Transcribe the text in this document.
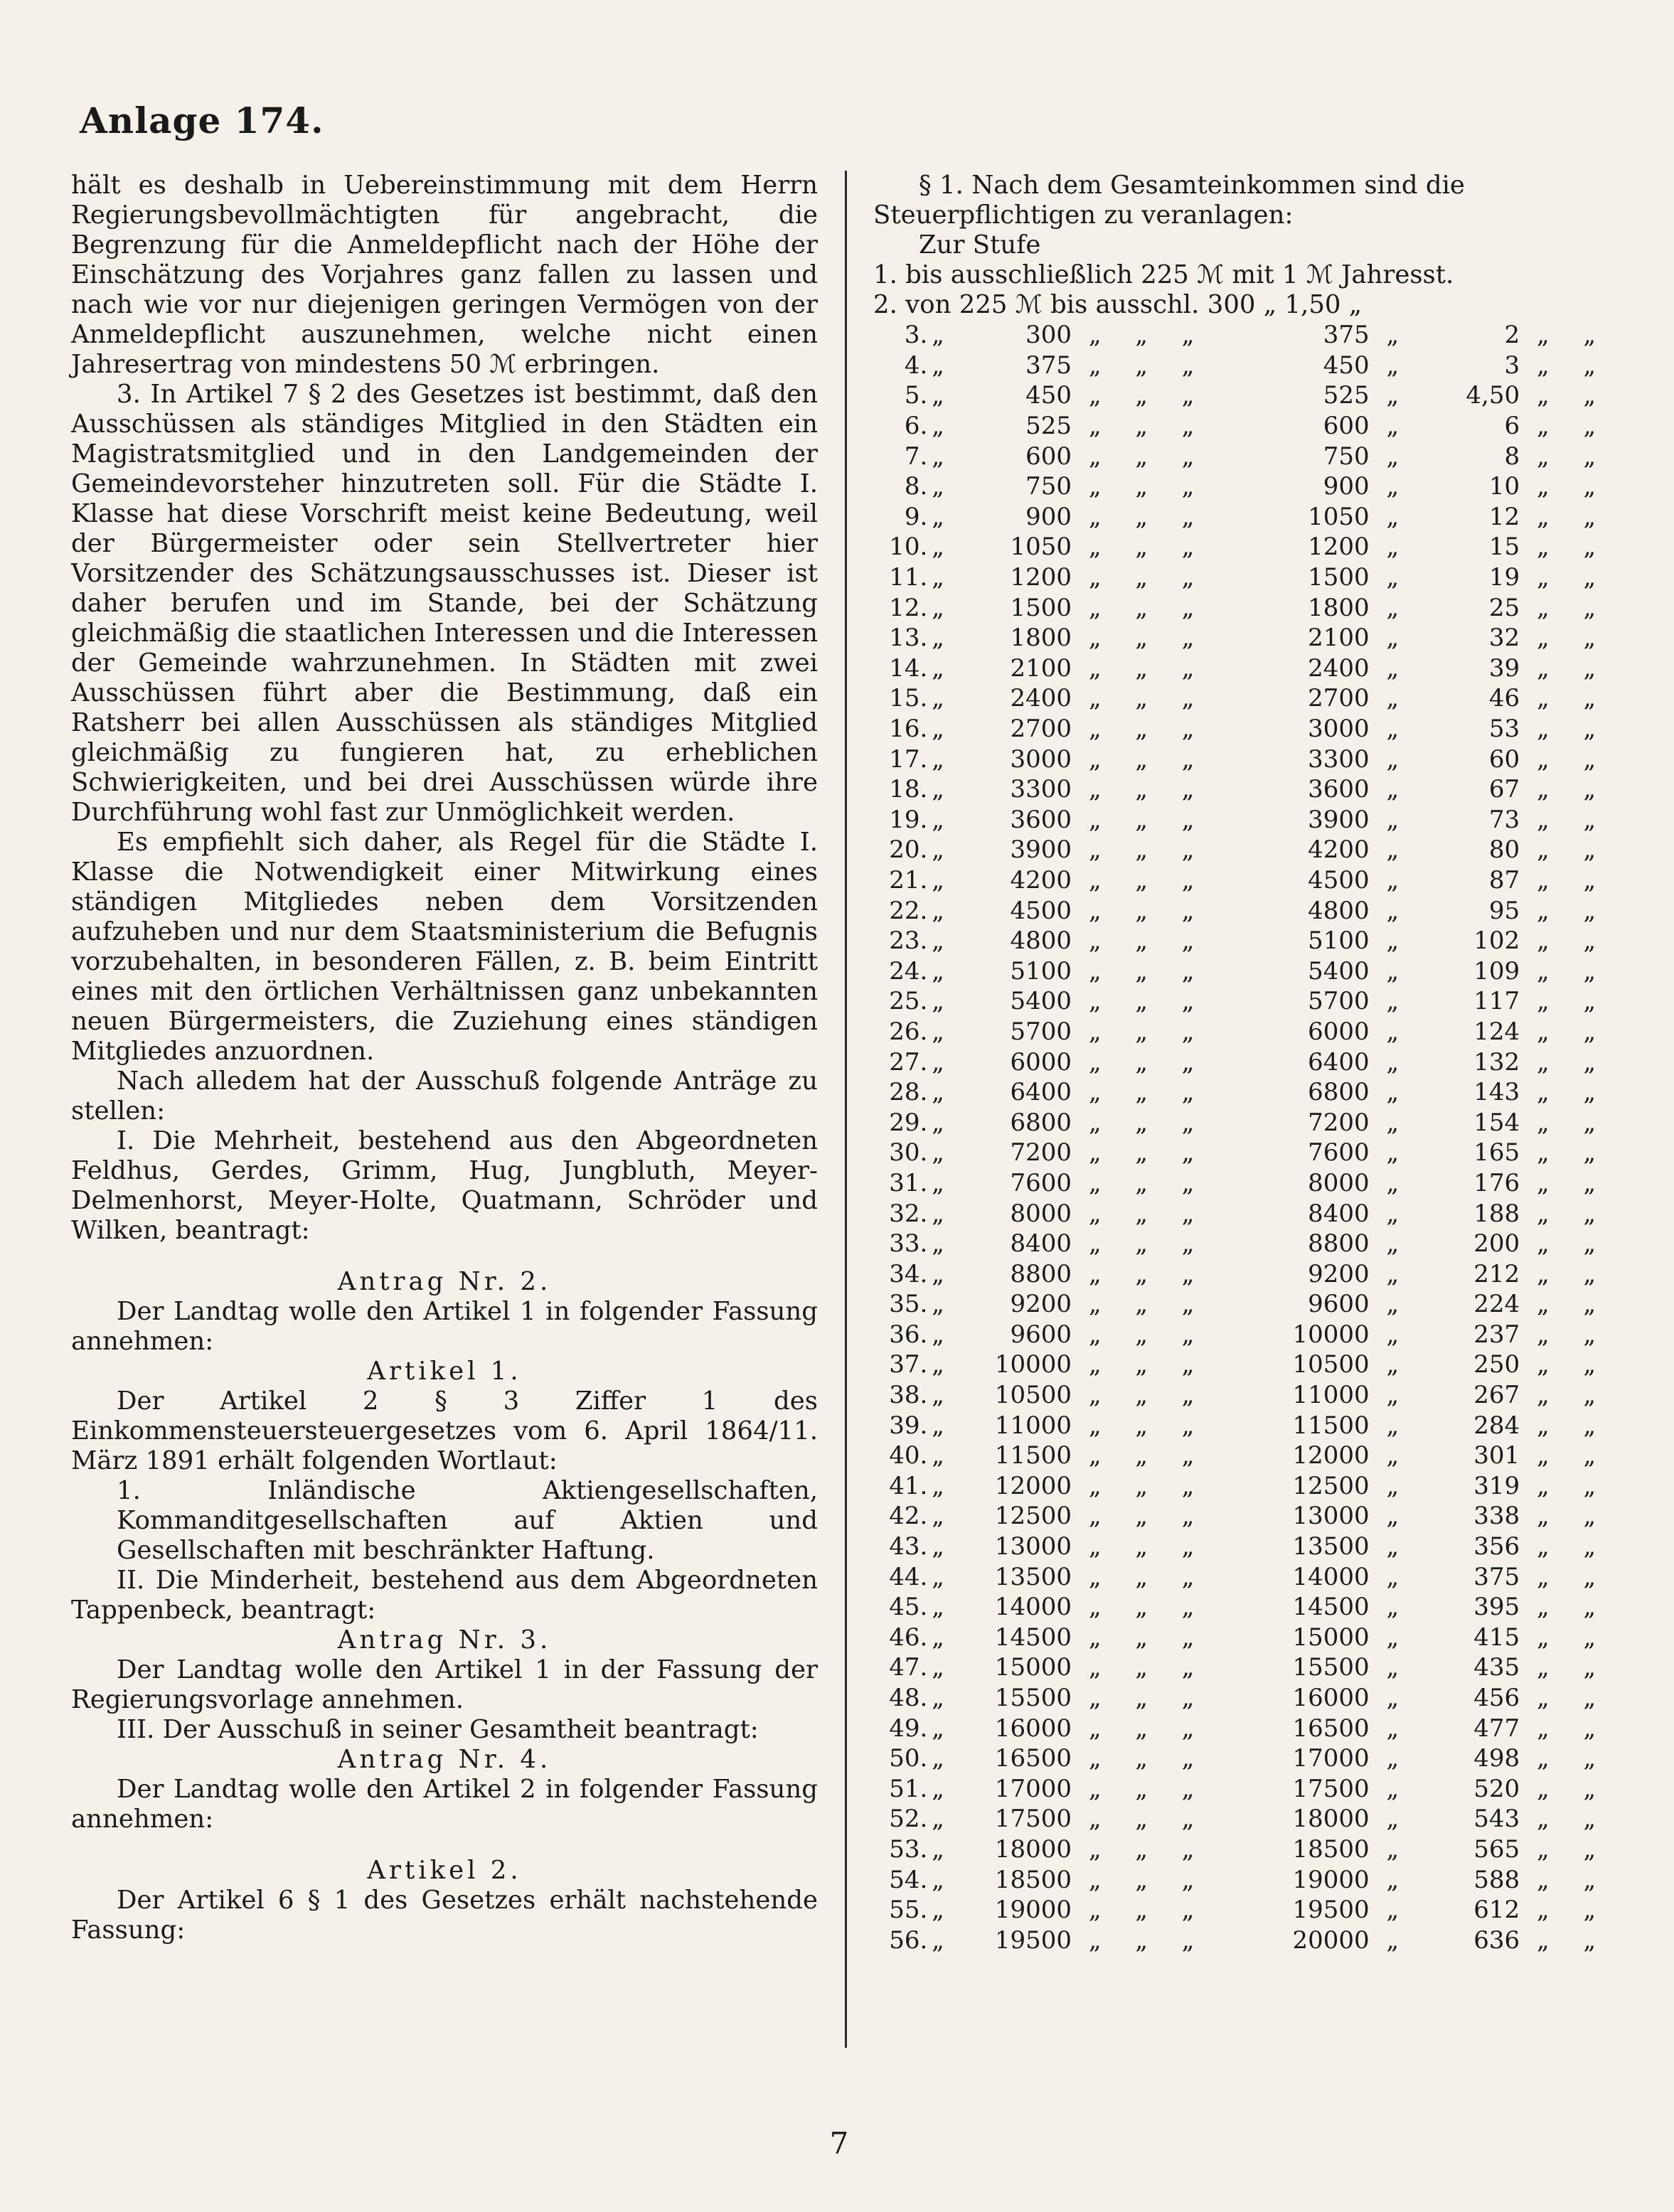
Anlage 174.

hält es deshalb in Uebereinstimmung mit dem Herrn Regierungsbevollmächtigten für angebracht, die Begrenzung für die Anmeldepflicht nach der Höhe der Einschätzung des Vorjahres ganz fallen zu lassen und nach wie vor nur diejenigen geringen Vermögen von der Anmeldepflicht auszunehmen, welche nicht einen Jahresertrag von mindestens 50 ℳ erbringen.

3. In Artikel 7 § 2 des Gesetzes ist bestimmt, daß den Ausschüssen als ständiges Mitglied in den Städten ein Magistratsmitglied und in den Landgemeinden der Gemeindevorsteher hinzutreten soll. Für die Städte I. Klasse hat diese Vorschrift meist keine Bedeutung, weil der Bürgermeister oder sein Stellvertreter hier Vorsitzender des Schätzungsausschusses ist. Dieser ist daher berufen und im Stande, bei der Schätzung gleichmäßig die staatlichen Interessen und die Interessen der Gemeinde wahrzunehmen. In Städten mit zwei Ausschüssen führt aber die Bestimmung, daß ein Ratsherr bei allen Ausschüssen als ständiges Mitglied gleichmäßig zu fungieren hat, zu erheblichen Schwierigkeiten, und bei drei Ausschüssen würde ihre Durchführung wohl fast zur Unmöglichkeit werden.

Es empfiehlt sich daher, als Regel für die Städte I. Klasse die Notwendigkeit einer Mitwirkung eines ständigen Mitgliedes neben dem Vorsitzenden aufzuheben und nur dem Staatsministerium die Befugnis vorzubehalten, in besonderen Fällen, z. B. beim Eintritt eines mit den örtlichen Verhältnissen ganz unbekannten neuen Bürgermeisters, die Zuziehung eines ständigen Mitgliedes anzuordnen.

Nach alledem hat der Ausschuß folgende Anträge zu stellen:

I. Die Mehrheit, bestehend aus den Abgeordneten Feldhus, Gerdes, Grimm, Hug, Jungbluth, Meyer-Delmenhorst, Meyer-Holte, Quatmann, Schröder und Wilken, beantragt:

Antrag Nr. 2.

Der Landtag wolle den Artikel 1 in folgender Fassung annehmen:

Artikel 1.

Der Artikel 2 § 3 Ziffer 1 des Einkommensteuersteuergesetzes vom 6. April 1864/11. März 1891 erhält folgenden Wortlaut:

1. Inländische Aktiengesellschaften, Kommanditgesellschaften auf Aktien und Gesellschaften mit beschränkter Haftung.

II. Die Minderheit, bestehend aus dem Abgeordneten Tappenbeck, beantragt:

Antrag Nr. 3.

Der Landtag wolle den Artikel 1 in der Fassung der Regierungsvorlage annehmen.

III. Der Ausschuß in seiner Gesamtheit beantragt:

Antrag Nr. 4.

Der Landtag wolle den Artikel 2 in folgender Fassung annehmen:

Artikel 2.

Der Artikel 6 § 1 des Gesetzes erhält nachstehende Fassung:

§ 1. Nach dem Gesamteinkommen sind die Steuerpflichtigen zu veranlagen:

Zur Stufe

1. bis ausschließlich 225 ℳ mit 1 ℳ Jahresst.

2. von 225 ℳ bis ausschl. 300 „ 1,50 „

3.	„	300	„	„	„	375	„	2	„	„
4.	„	375	„	„	„	450	„	3	„	„
5.	„	450	„	„	„	525	„	4,50	„	„
6.	„	525	„	„	„	600	„	6	„	„
7.	„	600	„	„	„	750	„	8	„	„
8.	„	750	„	„	„	900	„	10	„	„
9.	„	900	„	„	„	1050	„	12	„	„
10.	„	1050	„	„	„	1200	„	15	„	„
11.	„	1200	„	„	„	1500	„	19	„	„
12.	„	1500	„	„	„	1800	„	25	„	„
13.	„	1800	„	„	„	2100	„	32	„	„
14.	„	2100	„	„	„	2400	„	39	„	„
15.	„	2400	„	„	„	2700	„	46	„	„
16.	„	2700	„	„	„	3000	„	53	„	„
17.	„	3000	„	„	„	3300	„	60	„	„
18.	„	3300	„	„	„	3600	„	67	„	„
19.	„	3600	„	„	„	3900	„	73	„	„
20.	„	3900	„	„	„	4200	„	80	„	„
21.	„	4200	„	„	„	4500	„	87	„	„
22.	„	4500	„	„	„	4800	„	95	„	„
23.	„	4800	„	„	„	5100	„	102	„	„
24.	„	5100	„	„	„	5400	„	109	„	„
25.	„	5400	„	„	„	5700	„	117	„	„
26.	„	5700	„	„	„	6000	„	124	„	„
27.	„	6000	„	„	„	6400	„	132	„	„
28.	„	6400	„	„	„	6800	„	143	„	„
29.	„	6800	„	„	„	7200	„	154	„	„
30.	„	7200	„	„	„	7600	„	165	„	„
31.	„	7600	„	„	„	8000	„	176	„	„
32.	„	8000	„	„	„	8400	„	188	„	„
33.	„	8400	„	„	„	8800	„	200	„	„
34.	„	8800	„	„	„	9200	„	212	„	„
35.	„	9200	„	„	„	9600	„	224	„	„
36.	„	9600	„	„	„	10000	„	237	„	„
37.	„	10000	„	„	„	10500	„	250	„	„
38.	„	10500	„	„	„	11000	„	267	„	„
39.	„	11000	„	„	„	11500	„	284	„	„
40.	„	11500	„	„	„	12000	„	301	„	„
41.	„	12000	„	„	„	12500	„	319	„	„
42.	„	12500	„	„	„	13000	„	338	„	„
43.	„	13000	„	„	„	13500	„	356	„	„
44.	„	13500	„	„	„	14000	„	375	„	„
45.	„	14000	„	„	„	14500	„	395	„	„
46.	„	14500	„	„	„	15000	„	415	„	„
47.	„	15000	„	„	„	15500	„	435	„	„
48.	„	15500	„	„	„	16000	„	456	„	„
49.	„	16000	„	„	„	16500	„	477	„	„
50.	„	16500	„	„	„	17000	„	498	„	„
51.	„	17000	„	„	„	17500	„	520	„	„
52.	„	17500	„	„	„	18000	„	543	„	„
53.	„	18000	„	„	„	18500	„	565	„	„
54.	„	18500	„	„	„	19000	„	588	„	„
55.	„	19000	„	„	„	19500	„	612	„	„
56.	„	19500	„	„	„	20000	„	636	„	„
7
